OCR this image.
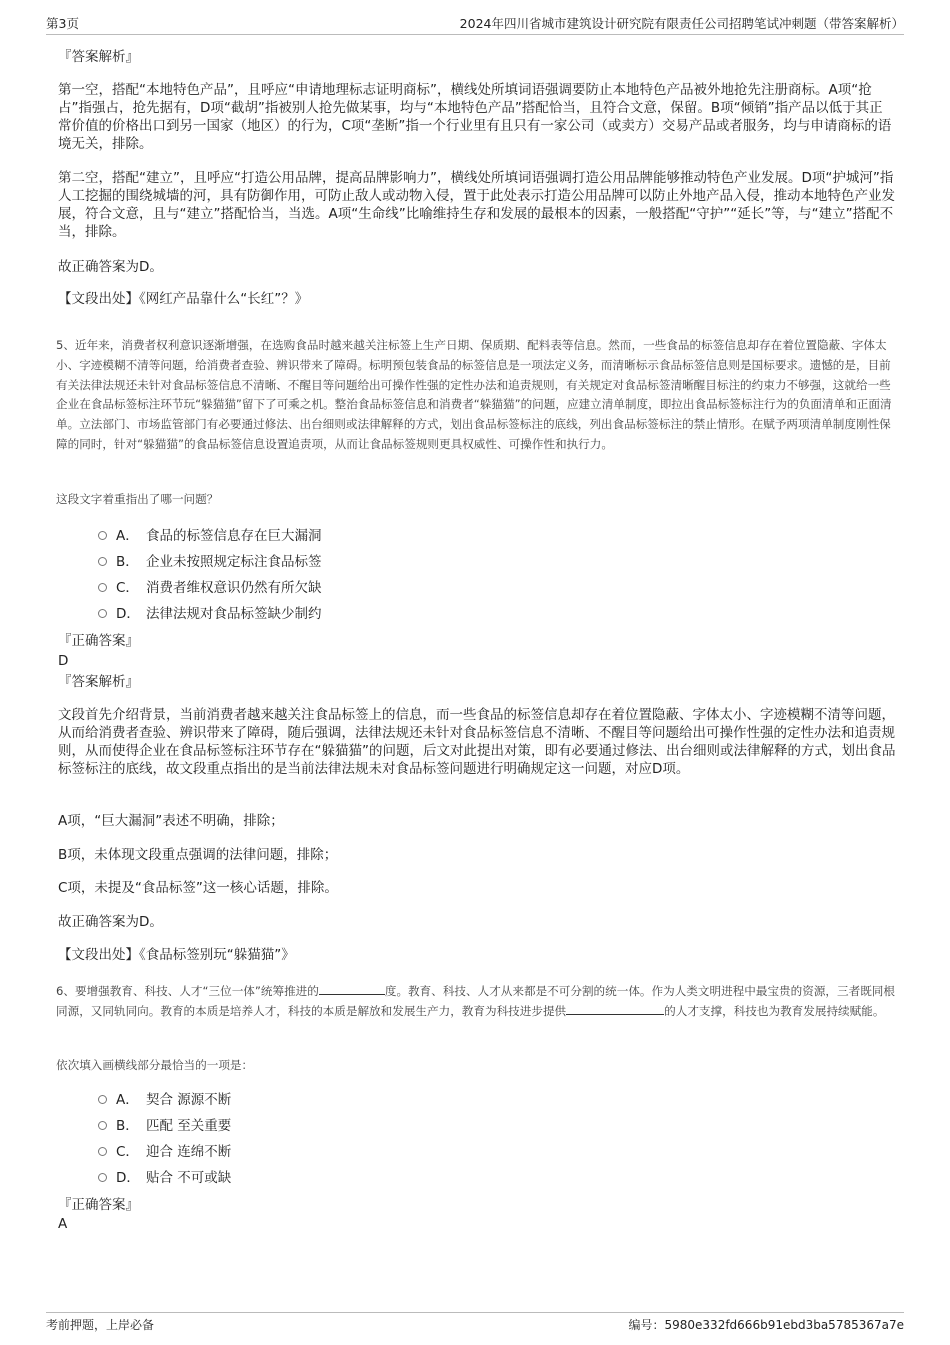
第3页	2024年四川省城市建筑设计研究院有限责任公司招聘笔试冲刺题（带答案解析）
『答案解析』
第一空，搭配“本地特色产品”，且呼应“申请地理标志证明商标”，横线处所填词语强调要防止本地特色产品被外地抢先注册商标。A项“抢占”指强占，抢先据有，D项“截胡”指被别人抢先做某事，均与“本地特色产品”搭配恰当，且符合文意，保留。B项“倾销”指产品以低于其正常价值的价格出口到另一国家（地区）的行为，C项“垄断”指一个行业里有且只有一家公司（或卖方）交易产品或者服务，均与申请商标的语境无关，排除。
第二空，搭配“建立”，且呼应“打造公用品牌，提高品牌影响力”，横线处所填词语强调打造公用品牌能够推动特色产业发展。D项“护城河”指人工挖掘的围绕城墙的河，具有防御作用，可防止敌人或动物入侵，置于此处表示打造公用品牌可以防止外地产品入侵，推动本地特色产业发展，符合文意，且与“建立”搭配恰当，当选。A项“生命线”比喻维持生存和发展的最根本的因素，一般搭配“守护”“延长”等，与“建立”搭配不当，排除。
故正确答案为D。
【文段出处】《网红产品靠什么“长红”？》
5、近年来，消费者权利意识逐渐增强，在选购食品时越来越关注标签上生产日期、保质期、配料表等信息。然而，一些食品的标签信息却存在着位置隐蔽、字体太小、字迹模糊不清等问题，给消费者查验、辨识带来了障碍。标明预包装食品的标签信息是一项法定义务，而清晰标示食品标签信息则是国标要求。遗憾的是，目前有关法律法规还未针对食品标签信息不清晰、不醒目等问题给出可操作性强的定性办法和追责规则，有关规定对食品标签清晰醒目标注的约束力不够强，这就给一些企业在食品标签标注环节玩“躲猫猫”留下了可乘之机。整治食品标签信息和消费者“躲猫猫”的问题，应建立清单制度，即拉出食品标签标注行为的负面清单和正面清单。立法部门、市场监管部门有必要通过修法、出台细则或法律解释的方式，划出食品标签标注的底线，列出食品标签标注的禁止情形。在赋予两项清单制度刚性保障的同时，针对“躲猫猫”的食品标签信息设置追责项，从而让食品标签规则更具权威性、可操作性和执行力。
这段文字着重指出了哪一问题？
A． 食品的标签信息存在巨大漏洞
B． 企业未按照规定标注食品标签
C． 消费者维权意识仍然有所欠缺
D． 法律法规对食品标签缺少制约
『正确答案』
D
『答案解析』
文段首先介绍背景，当前消费者越来越关注食品标签上的信息，而一些食品的标签信息却存在着位置隐蔽、字体太小、字迹模糊不清等问题，从而给消费者查验、辨识带来了障碍，随后强调，法律法规还未针对食品标签信息不清晰、不醒目等问题给出可操作性强的定性办法和追责规则，从而使得企业在食品标签标注环节存在“躲猫猫”的问题，后文对此提出对策，即有必要通过修法、出台细则或法律解释的方式，划出食品标签标注的底线，故文段重点指出的是当前法律法规未对食品标签问题进行明确规定这一问题，对应D项。
A项，“巨大漏洞”表述不明确，排除；
B项，未体现文段重点强调的法律问题，排除；
C项，未提及“食品标签”这一核心话题，排除。
故正确答案为D。
【文段出处】《食品标签别玩“躲猫猫”》
6、要增强教育、科技、人才“三位一体”统筹推进的	度。教育、科技、人才从来都是不可分割的统一体。作为人类文明进程中最宝贵的资源，三者既同根同源，又同轨同向。教育的本质是培养人才，科技的本质是解放和发展生产力，教育为科技进步提供	的人才支撑，科技也为教育发展持续赋能。
依次填入画横线部分最恰当的一项是：
A． 契合 源源不断
B． 匹配 至关重要
C． 迎合 连绵不断
D． 贴合 不可或缺
『正确答案』
A
考前押题，上岸必备	编号：5980e332fd666b91ebd3ba5785367a7e
